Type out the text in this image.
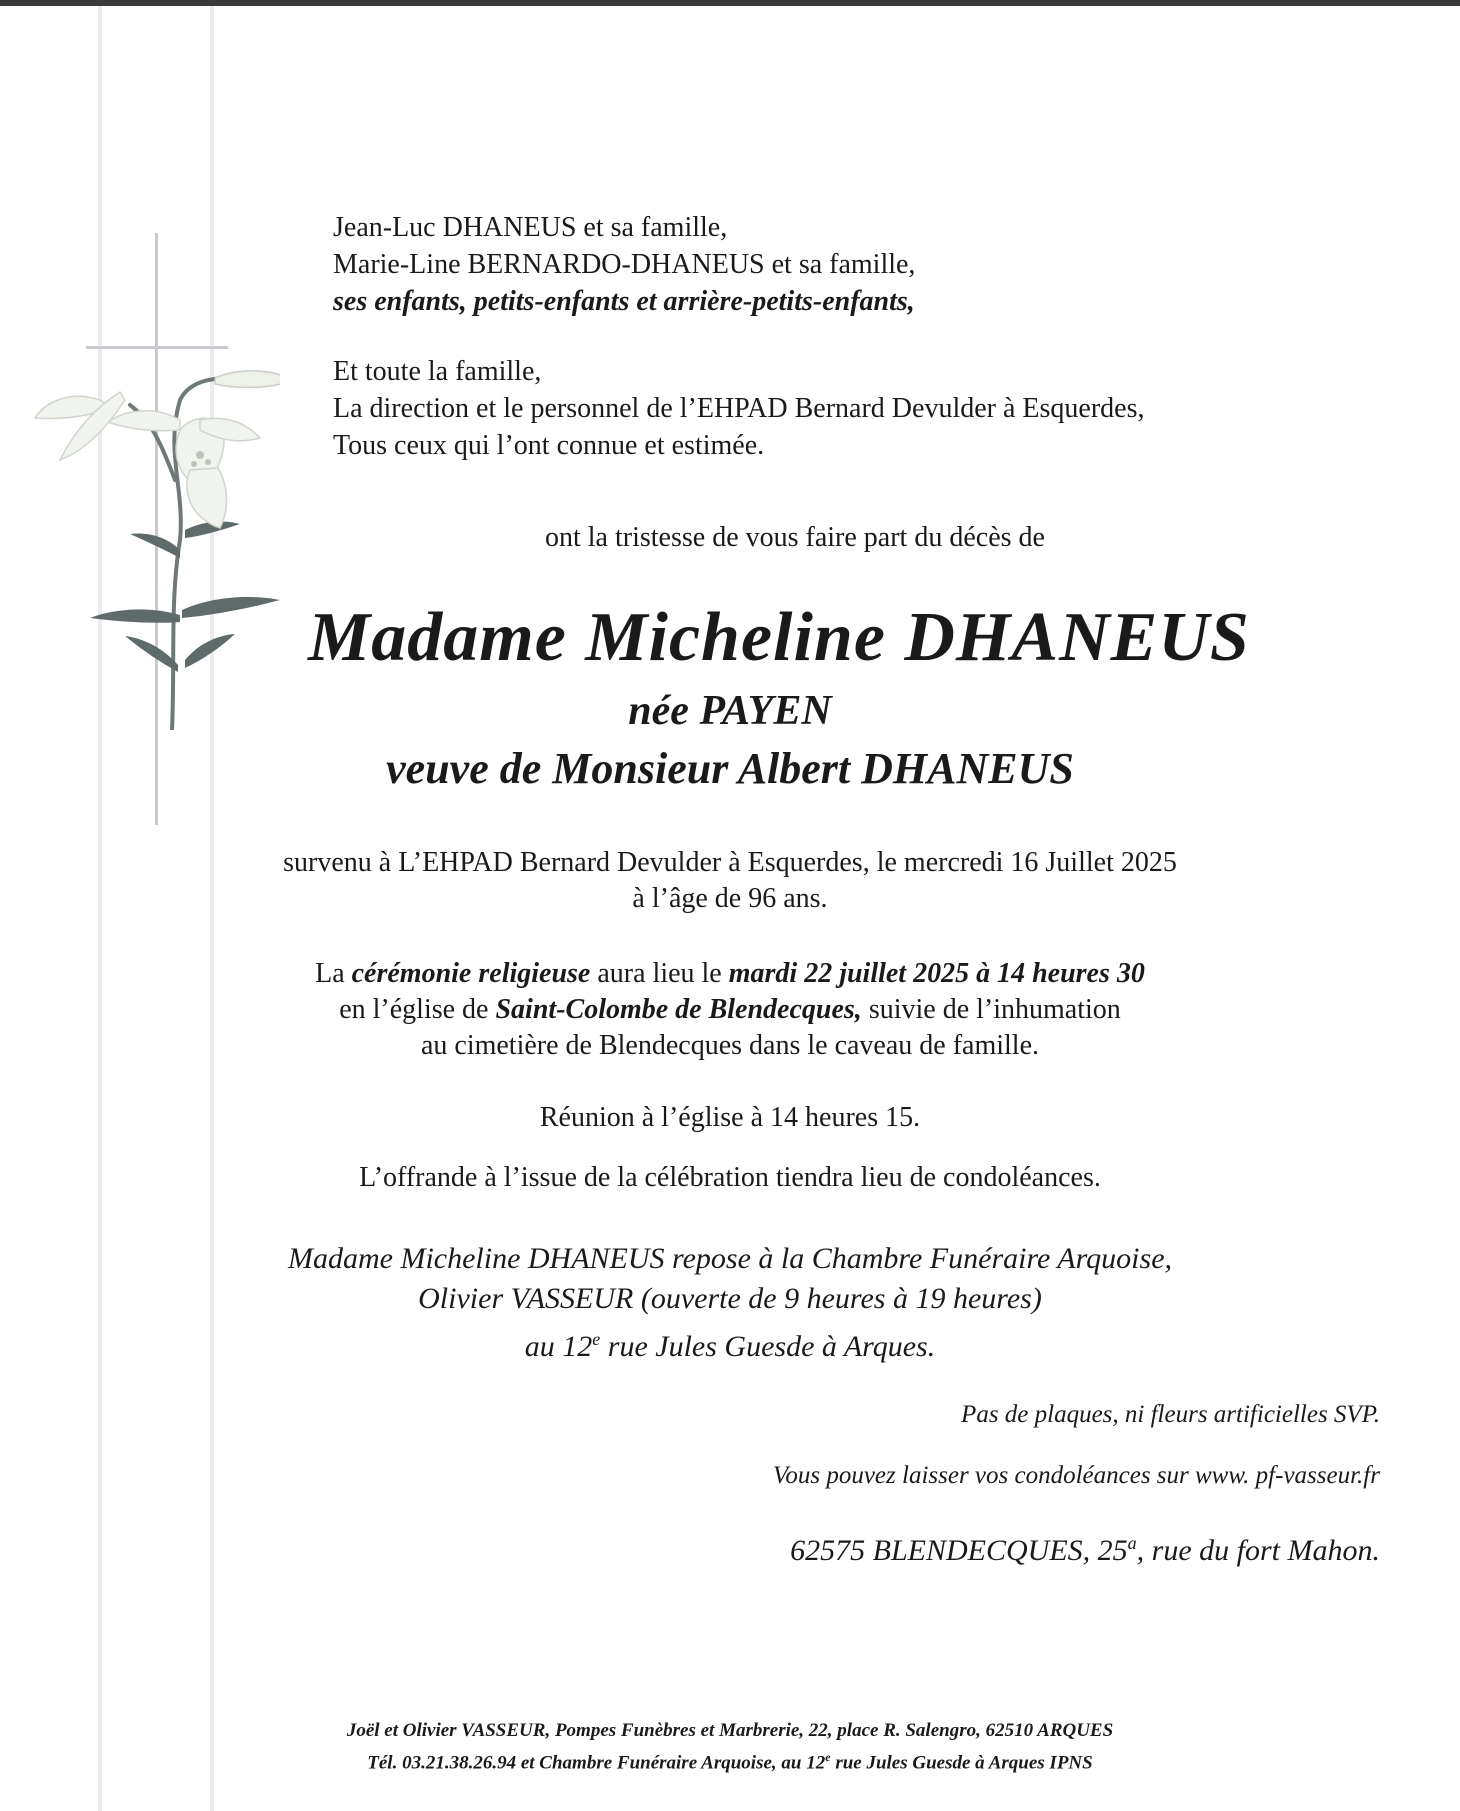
Jean-Luc DHANEUS et sa famille,
Marie-Line BERNARDO-DHANEUS et sa famille,
ses enfants, petits-enfants et arrière-petits-enfants,
Et toute la famille,
La direction et le personnel de l’EHPAD Bernard Devulder à Esquerdes,
Tous ceux qui l’ont connue et estimée.
ont la tristesse de vous faire part du décès de
Madame Micheline DHANEUS
née PAYEN
veuve de Monsieur Albert DHANEUS
survenu à L’EHPAD Bernard Devulder à Esquerdes, le mercredi 16 Juillet 2025
à l’âge de 96 ans.
La cérémonie religieuse aura lieu le mardi 22 juillet 2025 à 14 heures 30
en l’église de Saint-Colombe de Blendecques, suivie de l’inhumation
au cimetière de Blendecques dans le caveau de famille.
Réunion à l’église à 14 heures 15.
L’offrande à l’issue de la célébration tiendra lieu de condoléances.
Madame Micheline DHANEUS repose à la Chambre Funéraire Arquoise,
Olivier VASSEUR (ouverte de 9 heures à 19 heures)
au 12e rue Jules Guesde à Arques.
Pas de plaques, ni fleurs artificielles SVP.
Vous pouvez laisser vos condoléances sur www. pf-vasseur.fr
62575 BLENDECQUES, 25$^a$, rue du fort Mahon.
Joël et Olivier VASSEUR, Pompes Funèbres et Marbrerie, 22, place R. Salengro, 62510 ARQUES
Tél. 03.21.38.26.94 et Chambre Funéraire Arquoise, au 12e rue Jules Guesde à Arques IPNS
